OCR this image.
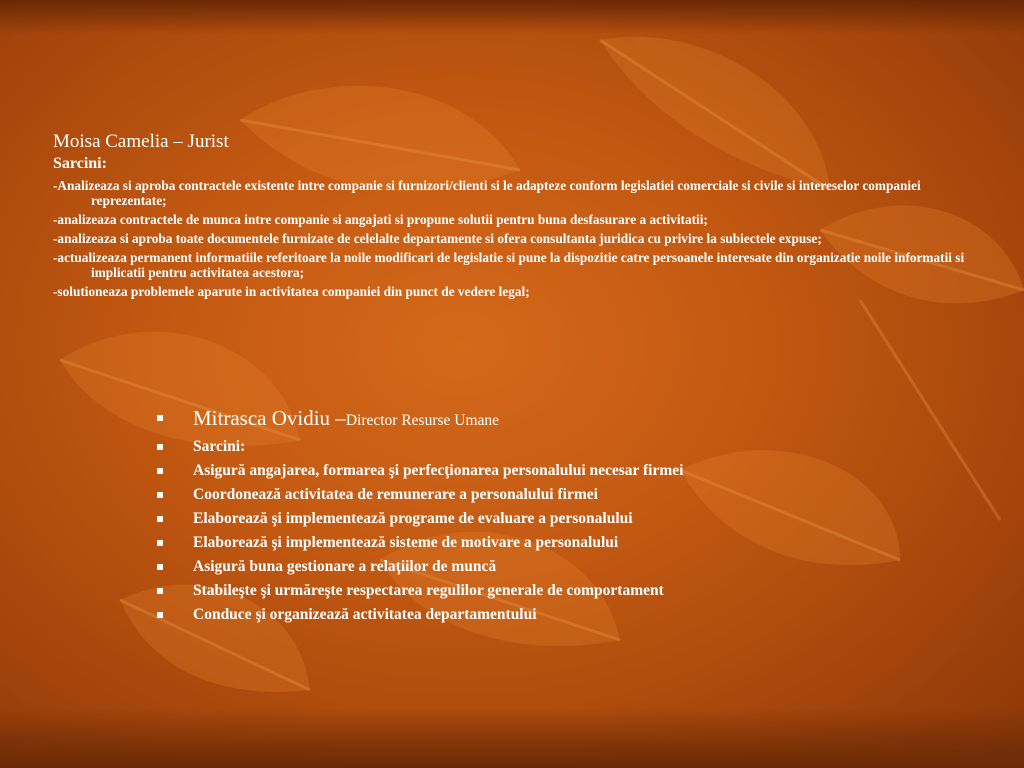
Moisa Camelia – Jurist
Sarcini:
-Analizeaza si aproba contractele existente intre companie si furnizori/clienti si le adapteze conform legislatiei comerciale si civile si intereselor companiei reprezentate;
-analizeaza contractele de munca intre companie si angajati si propune solutii pentru buna desfasurare a activitatii;
-analizeaza si aproba toate documentele furnizate de celelalte departamente si ofera consultanta juridica cu privire la subiectele expuse;
-actualizeaza permanent informatiile referitoare la noile modificari de legislatie si pune la dispozitie catre persoanele interesate din organizatie noile informatii si implicatii pentru activitatea acestora;
-solutioneaza problemele aparute in activitatea companiei din punct de vedere legal;
Mitrasca Ovidiu –Director Resurse Umane
Sarcini:
Asigură angajarea, formarea şi perfecţionarea personalului necesar firmei
Coordonează activitatea de remunerare a personalului firmei
Elaborează şi implementează programe de evaluare a personalului
Elaborează şi implementează sisteme de motivare a personalului
Asigură buna gestionare a relaţiilor de muncă
Stabileşte şi urmăreşte respectarea regulilor generale de comportament
Conduce şi organizează activitatea departamentului
